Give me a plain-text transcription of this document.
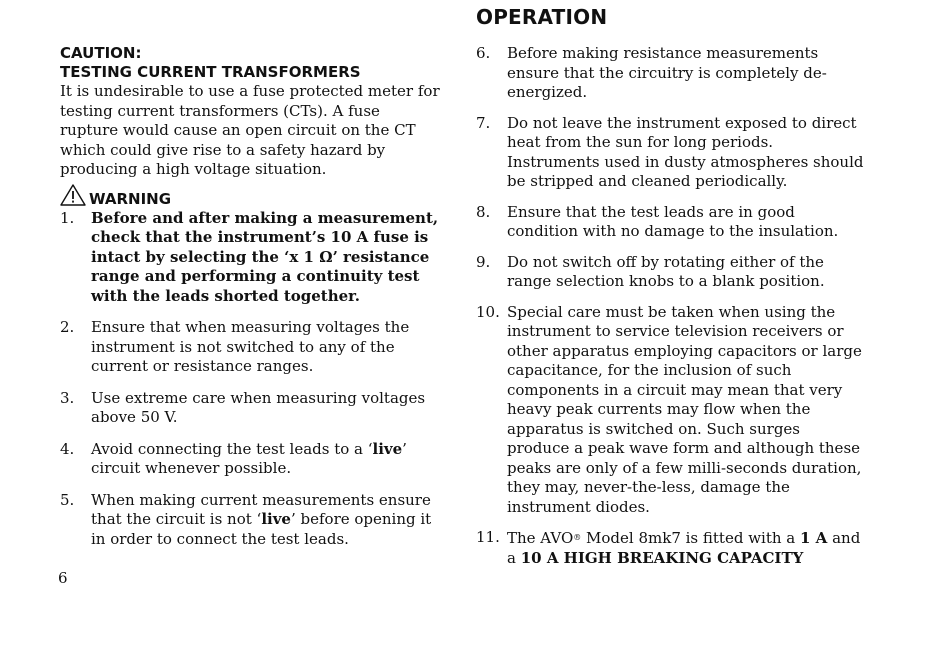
OPERATION
CAUTION:
TESTING CURRENT TRANSFORMERS

It is undesirable to use a fuse protected meter for testing current transformers (CTs). A fuse rupture would cause an open circuit on the CT which could give rise to a safety hazard by producing a high voltage situation.

WARNING
1. Before and after making a measurement, check that the instrument’s 10 A fuse is intact by selecting the ‘x 1 Ω’ resistance range and performing a continuity test with the leads shorted together.
2. Ensure that when measuring voltages the instrument is not switched to any of the current or resistance ranges.
3. Use extreme care when measuring voltages above 50 V.
4. Avoid connecting the test leads to a ‘live’ circuit whenever possible.
5. When making current measurements ensure that the circuit is not ‘live’ before opening it in order to connect the test leads.
6
6. Before making resistance measurements ensure that the circuitry is completely de-energized.
7. Do not leave the instrument exposed to direct heat from the sun for long periods. Instruments used in dusty atmospheres should be stripped and cleaned periodically.
8. Ensure that the test leads are in good condition with no damage to the insulation.
9. Do not switch off by rotating either of the range selection knobs to a blank position.
10. Special care must be taken when using the instrument to service television receivers or other apparatus employing capacitors or large capacitance, for the inclusion of such components in a circuit may mean that very heavy peak currents may flow when the apparatus is switched on. Such surges produce a peak wave form and although these peaks are only of a few milli-seconds duration, they may, never-the-less, damage the instrument diodes.
11. The AVO® Model 8mk7 is fitted with a 1 A and a 10 A HIGH BREAKING CAPACITY
